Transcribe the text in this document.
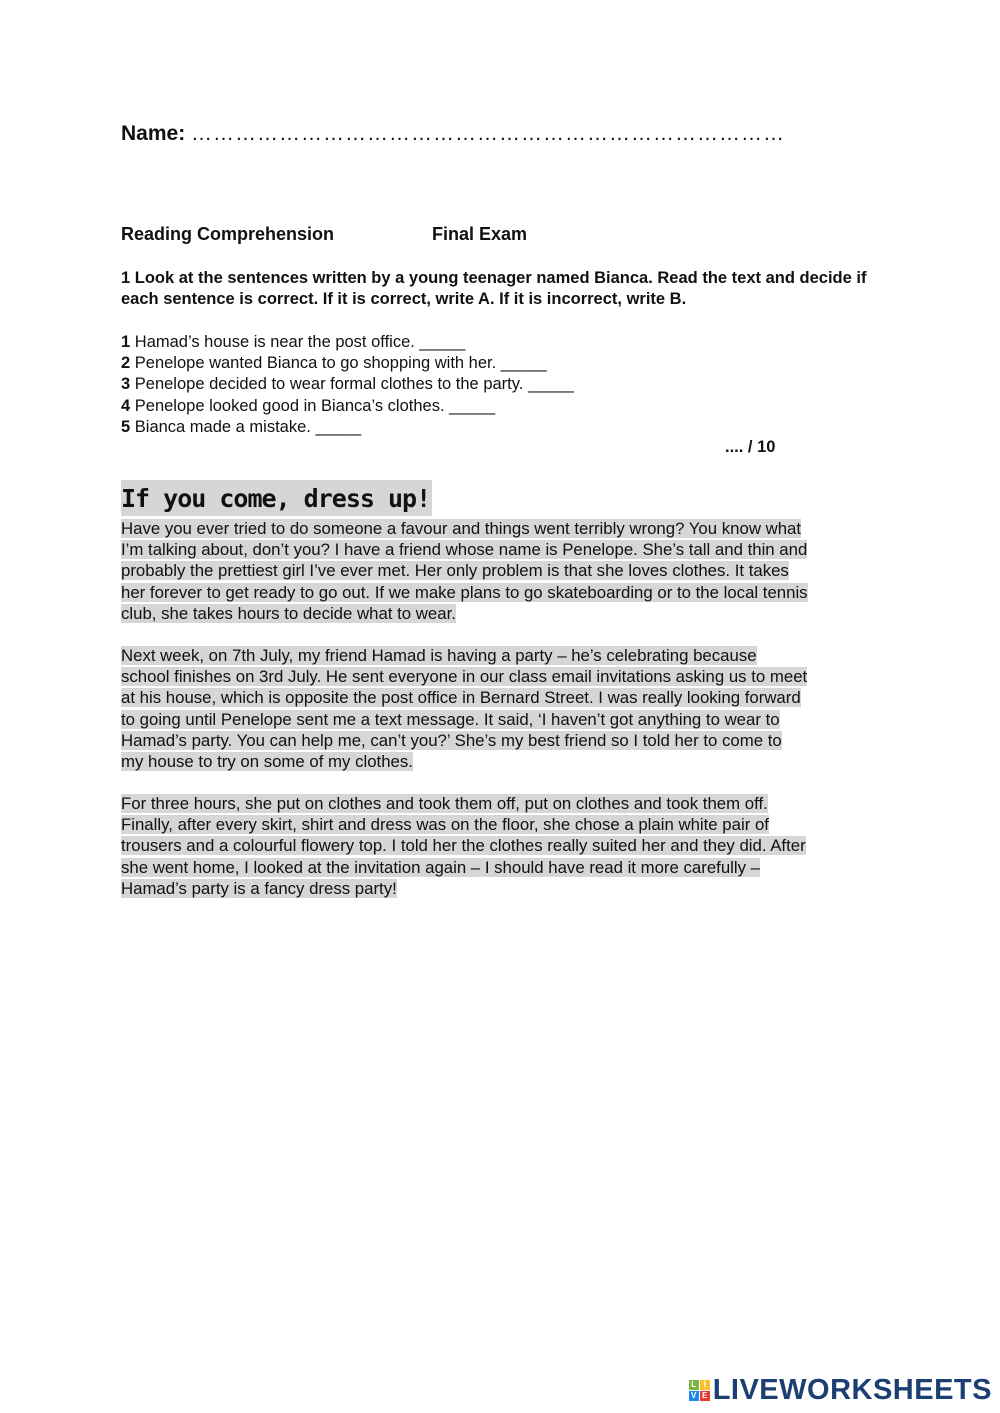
Name: ………………………………………………………………………
Reading Comprehension	Final Exam
1 Look at the sentences written by a young teenager named Bianca. Read the text and decide if each sentence is correct. If it is correct, write A. If it is incorrect, write B.
1 Hamad’s house is near the post office. _____
2 Penelope wanted Bianca to go shopping with her. _____
3 Penelope decided to wear formal clothes to the party. _____
4 Penelope looked good in Bianca’s clothes. _____
5 Bianca made a mistake. _____
.... / 10
If you come, dress up!
Have you ever tried to do someone a favour and things went terribly wrong? You know what
I’m talking about, don’t you? I have a friend whose name is Penelope. She’s tall and thin and
probably the prettiest girl I’ve ever met. Her only problem is that she loves clothes. It takes
her forever to get ready to go out. If we make plans to go skateboarding or to the local tennis
club, she takes hours to decide what to wear.
Next week, on 7th July, my friend Hamad is having a party – he’s celebrating because
school finishes on 3rd July. He sent everyone in our class email invitations asking us to meet
at his house, which is opposite the post office in Bernard Street. I was really looking forward
to going until Penelope sent me a text message. It said, ‘I haven’t got anything to wear to
Hamad’s party. You can help me, can’t you?’ She’s my best friend so I told her to come to
my house to try on some of my clothes.
For three hours, she put on clothes and took them off, put on clothes and took them off.
Finally, after every skirt, shirt and dress was on the floor, she chose a plain white pair of
trousers and a colourful flowery top. I told her the clothes really suited her and they did. After
she went home, I looked at the invitation again – I should have read it more carefully –
Hamad’s party is a fancy dress party!
L I
V E LIVEWORKSHEETS
